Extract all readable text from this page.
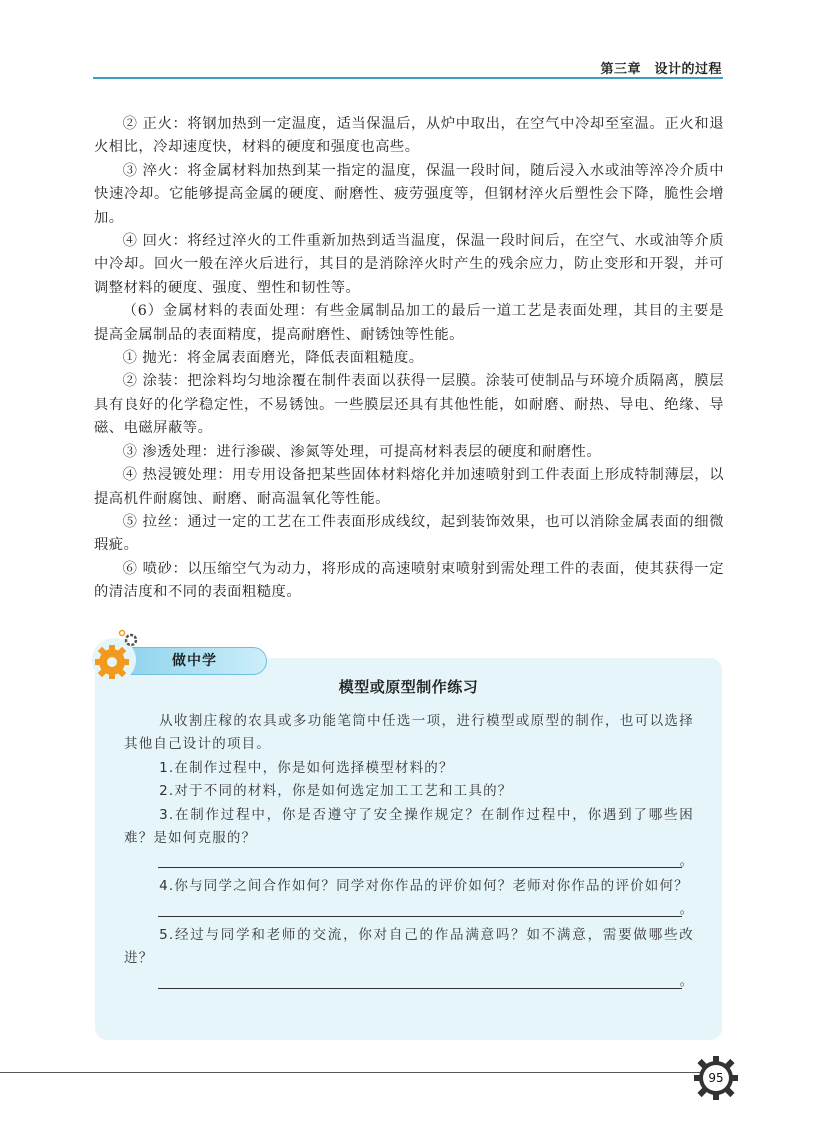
第三章　设计的过程

② 正火：将钢加热到一定温度，适当保温后，从炉中取出，在空气中冷却至室温。正火和退火相比，冷却速度快，材料的硬度和强度也高些。

③ 淬火：将金属材料加热到某一指定的温度，保温一段时间，随后浸入水或油等淬冷介质中快速冷却。它能够提高金属的硬度、耐磨性、疲劳强度等，但钢材淬火后塑性会下降，脆性会增加。

④ 回火：将经过淬火的工件重新加热到适当温度，保温一段时间后，在空气、水或油等介质中冷却。回火一般在淬火后进行，其目的是消除淬火时产生的残余应力，防止变形和开裂，并可调整材料的硬度、强度、塑性和韧性等。

（6）金属材料的表面处理：有些金属制品加工的最后一道工艺是表面处理，其目的主要是提高金属制品的表面精度，提高耐磨性、耐锈蚀等性能。

① 抛光：将金属表面磨光，降低表面粗糙度。

② 涂装：把涂料均匀地涂覆在制件表面以获得一层膜。涂装可使制品与环境介质隔离，膜层具有良好的化学稳定性，不易锈蚀。一些膜层还具有其他性能，如耐磨、耐热、导电、绝缘、导磁、电磁屏蔽等。

③ 渗透处理：进行渗碳、渗氮等处理，可提高材料表层的硬度和耐磨性。

④ 热浸镀处理：用专用设备把某些固体材料熔化并加速喷射到工件表面上形成特制薄层，以提高机件耐腐蚀、耐磨、耐高温氧化等性能。

⑤ 拉丝：通过一定的工艺在工件表面形成线纹，起到装饰效果，也可以消除金属表面的细微瑕疵。

⑥ 喷砂：以压缩空气为动力，将形成的高速喷射束喷射到需处理工件的表面，使其获得一定的清洁度和不同的表面粗糙度。

做中学
模型或原型制作练习

从收割庄稼的农具或多功能笔筒中任选一项，进行模型或原型的制作，也可以选择其他自己设计的项目。

1.在制作过程中，你是如何选择模型材料的？

2.对于不同的材料，你是如何选定加工工艺和工具的？

3.在制作过程中，你是否遵守了安全操作规定？在制作过程中，你遇到了哪些困难？是如何克服的？

。

4.你与同学之间合作如何？同学对你作品的评价如何？老师对你作品的评价如何？

。

5.经过与同学和老师的交流，你对自己的作品满意吗？如不满意，需要做哪些改进？

。
95
